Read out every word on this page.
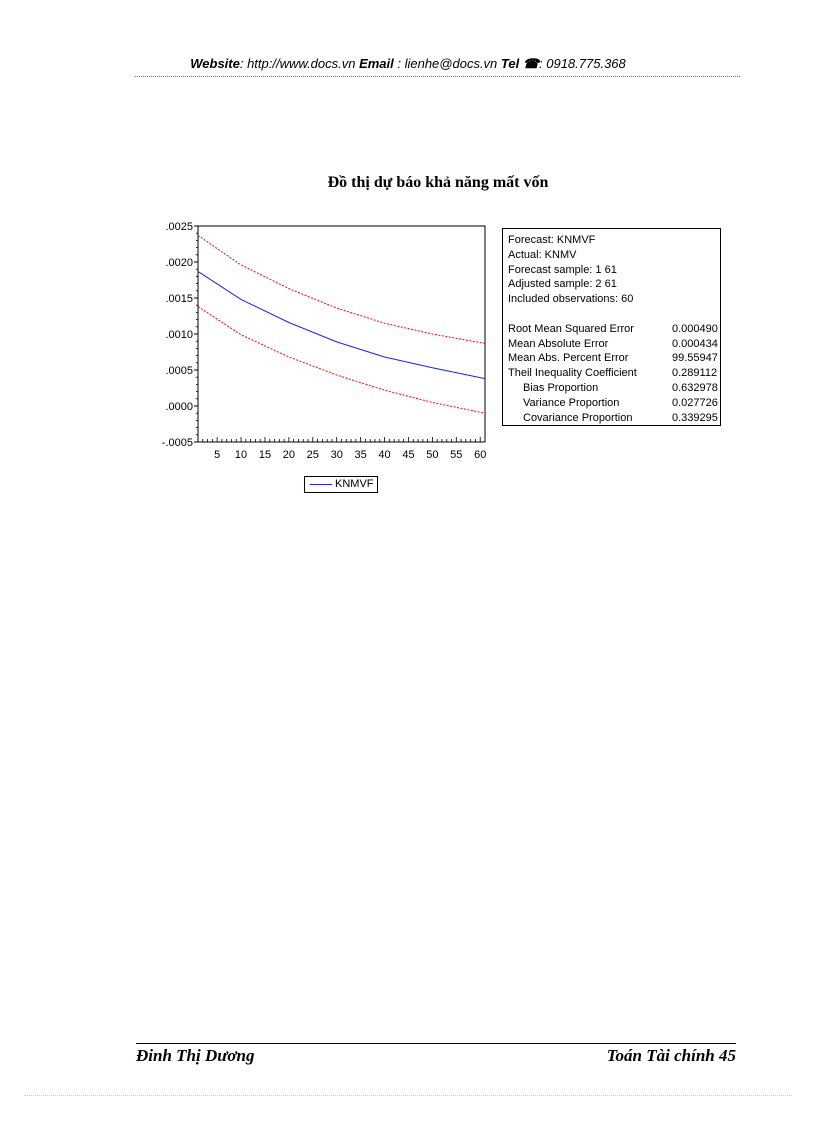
Website: http://www.docs.vn Email : lienhe@docs.vn Tel ☎: 0918.775.368
Đồ thị dự báo khả năng mất vốn
.0025
.0020
.0015
.0010
.0005
.0000
-.0005
5 10 15 20 25 30 35 40 45 50 55 60
Forecast: KNMVF
Actual: KNMV
Forecast sample: 1 61
Adjusted sample: 2 61
Included observations: 60
Root Mean Squared Error	0.000490
Mean Absolute Error	0.000434
Mean Abs. Percent Error	99.55947
Theil Inequality Coefficient	0.289112
Bias Proportion	0.632978
Variance Proportion	0.027726
Covariance Proportion	0.339295
KNMVF
Đinh Thị Dương	Toán Tài chính 45
